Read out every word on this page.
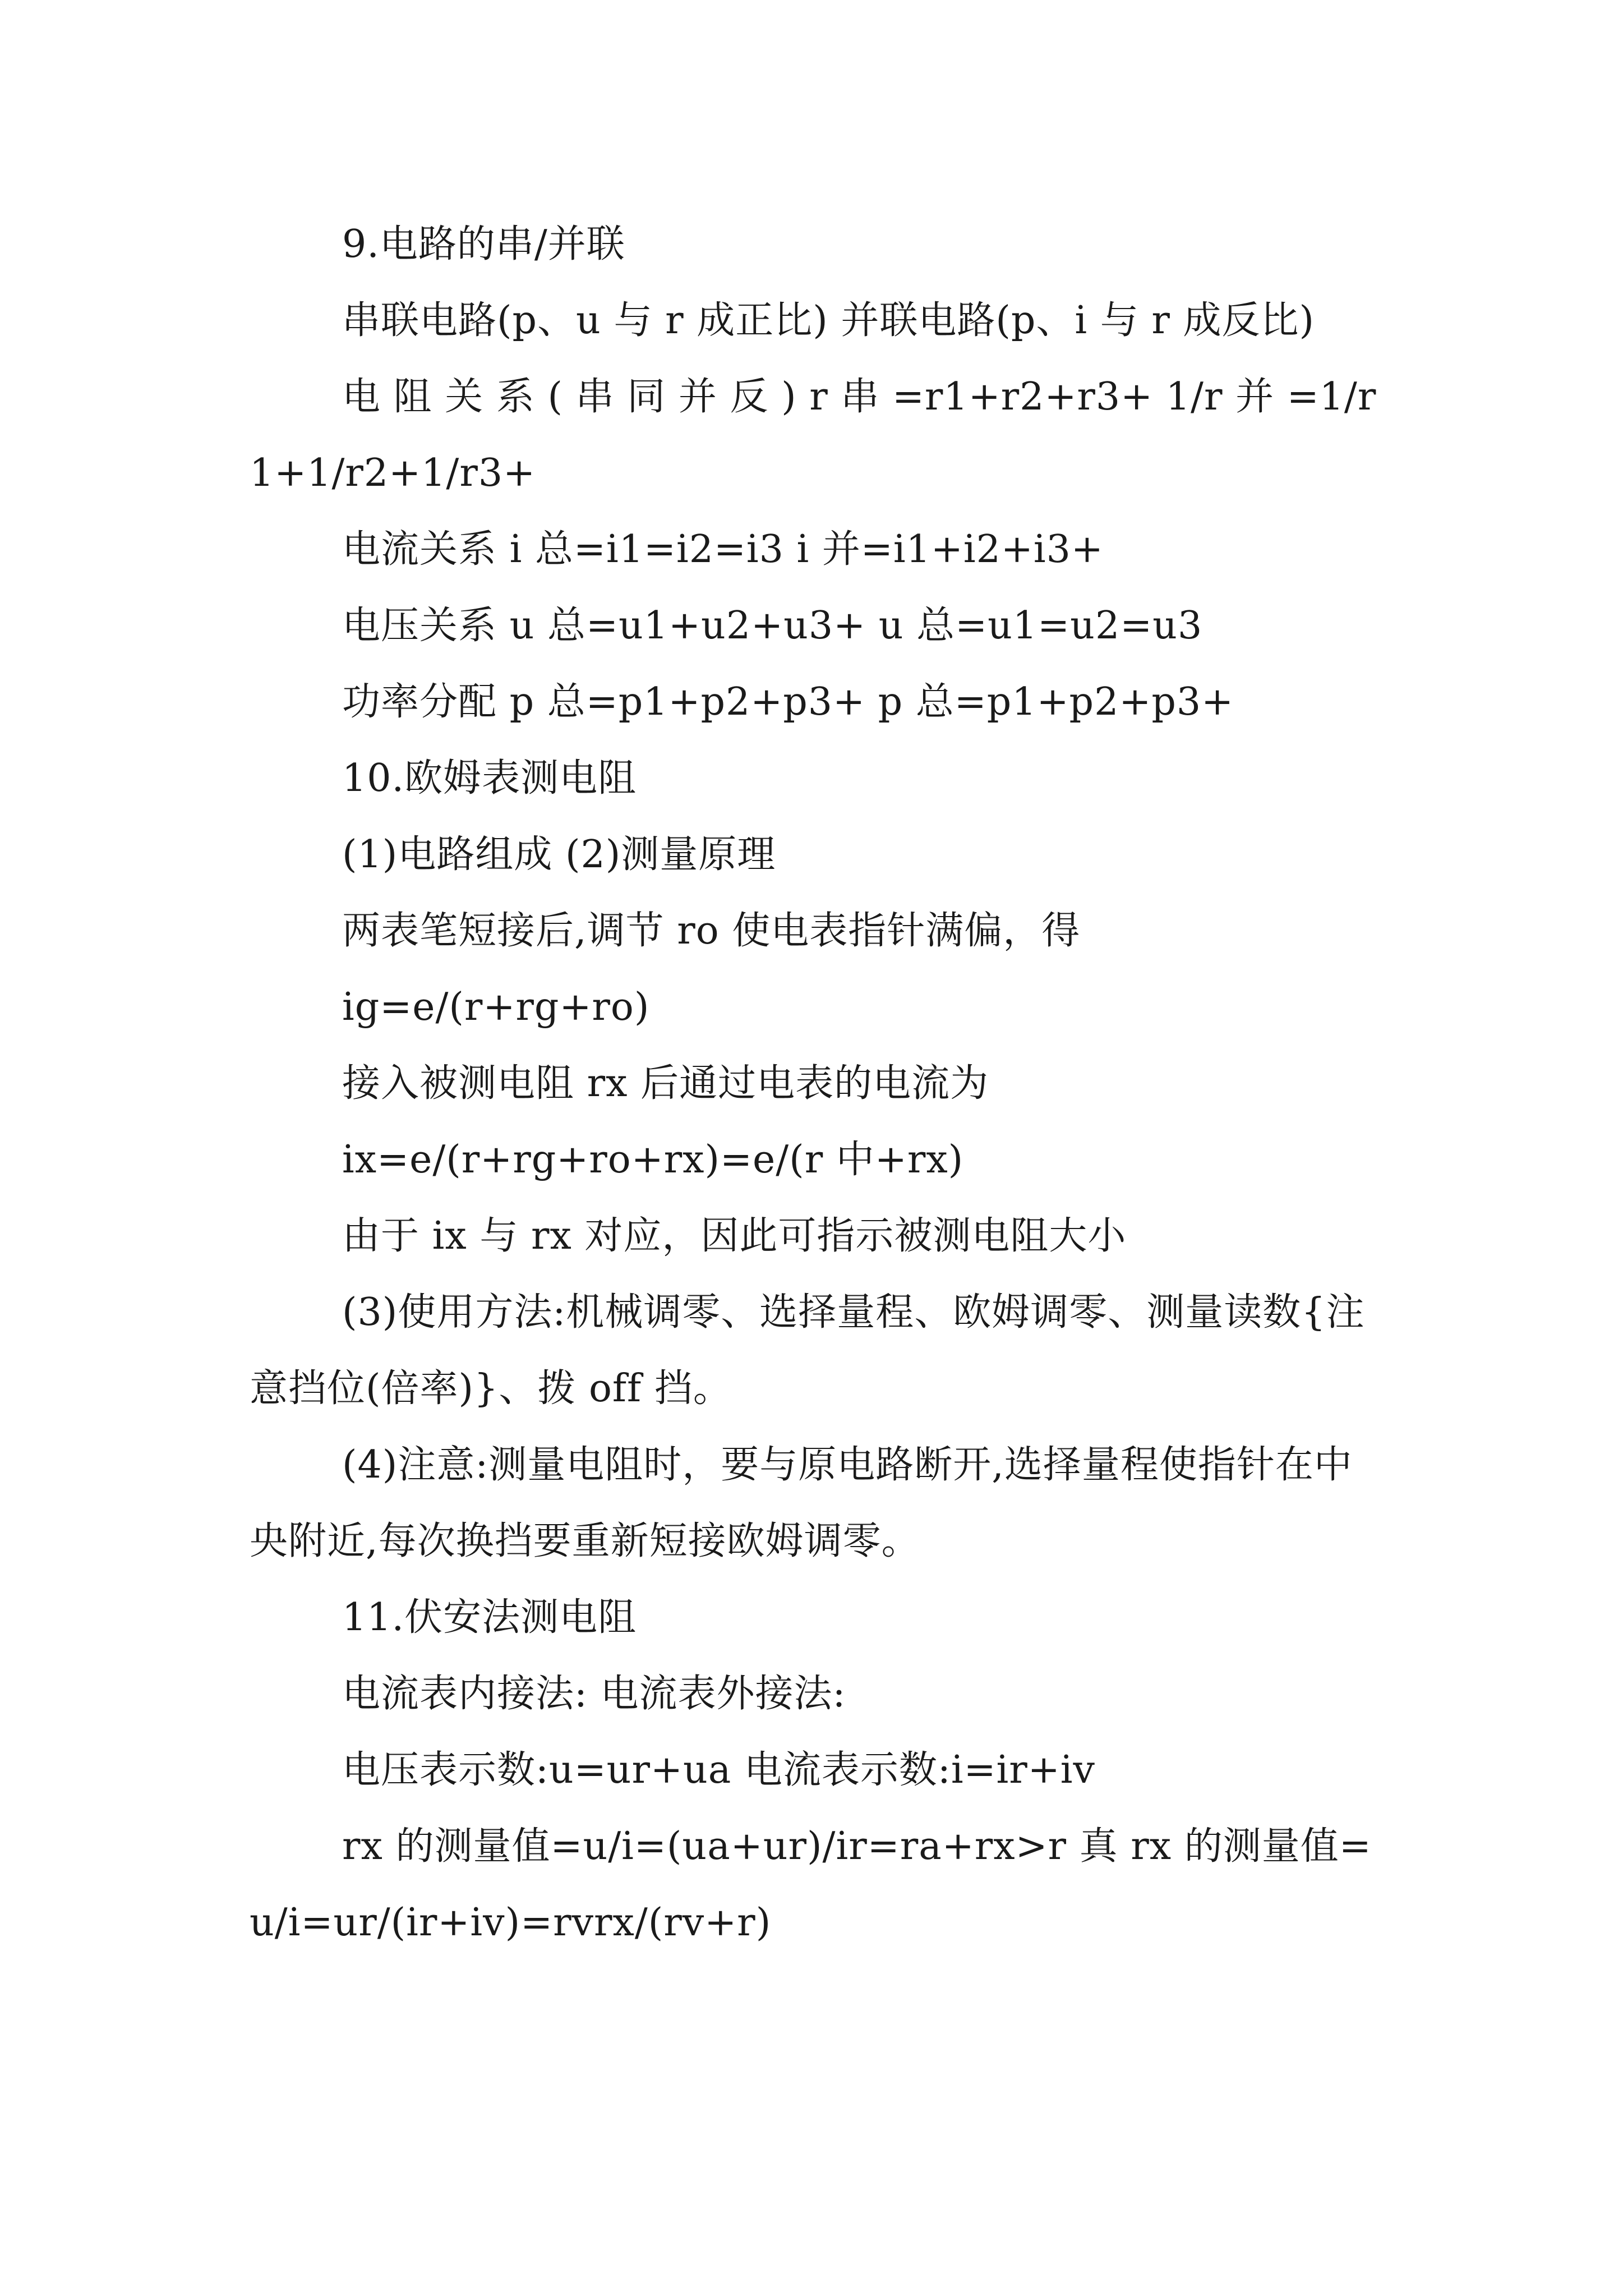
9.电路的串/并联

串联电路(p、u 与 r 成正比) 并联电路(p、i 与 r 成反比)

电 阻 关 系 ( 串 同 并 反 ) r 串 =r1+r2+r3+ 1/r 并 =1/r1+1/r2+1/r3+

电流关系 i 总=i1=i2=i3 i 并=i1+i2+i3+

电压关系 u 总=u1+u2+u3+ u 总=u1=u2=u3

功率分配 p 总=p1+p2+p3+ p 总=p1+p2+p3+

10.欧姆表测电阻

(1)电路组成 (2)测量原理

两表笔短接后,调节 ro 使电表指针满偏，得

ig=e/(r+rg+ro)

接入被测电阻 rx 后通过电表的电流为

ix=e/(r+rg+ro+rx)=e/(r 中+rx)

由于 ix 与 rx 对应，因此可指示被测电阻大小

(3)使用方法:机械调零、选择量程、欧姆调零、测量读数{注意挡位(倍率)}、拨 off 挡。

(4)注意:测量电阻时，要与原电路断开,选择量程使指针在中央附近,每次换挡要重新短接欧姆调零。

11.伏安法测电阻

电流表内接法: 电流表外接法:

电压表示数:u=ur+ua 电流表示数:i=ir+iv

rx 的测量值=u/i=(ua+ur)/ir=ra+rx>r 真 rx 的测量值=u/i=ur/(ir+iv)=rvrx/(rv+r)
